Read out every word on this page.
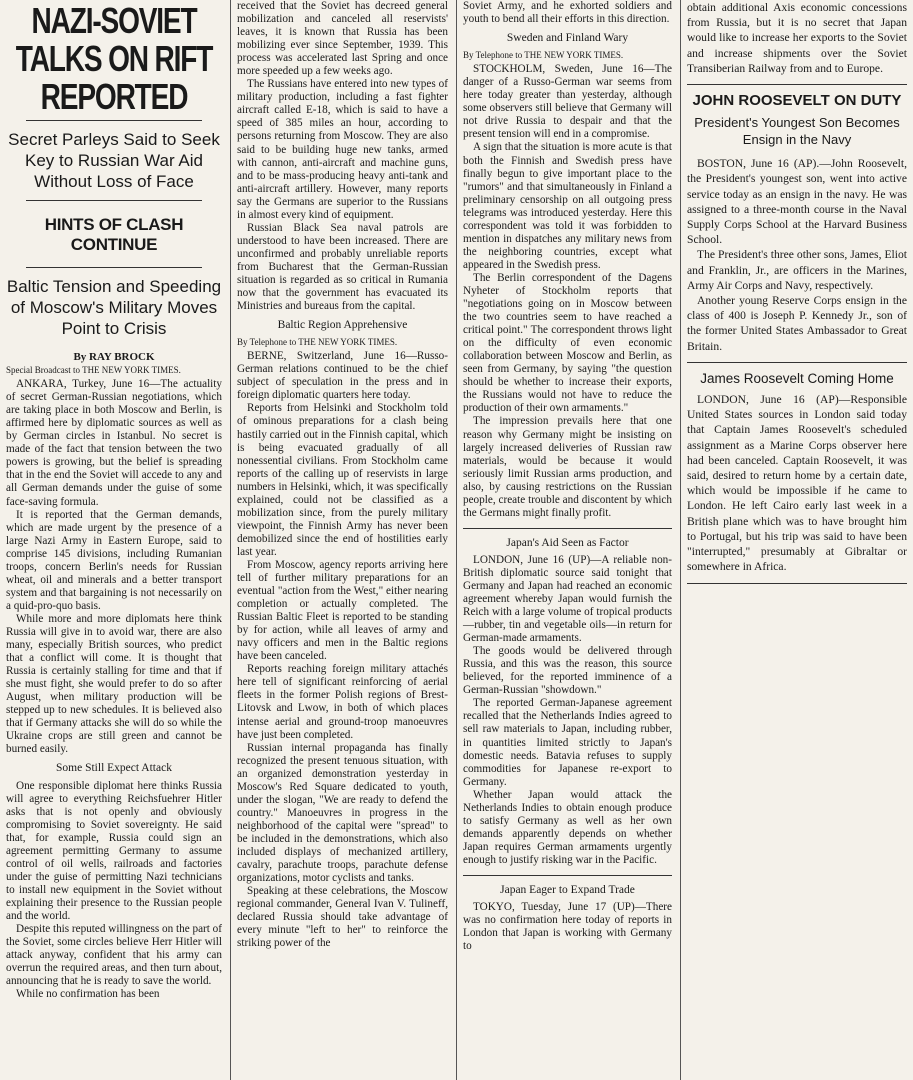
NAZI-SOVIET TALKS ON RIFT REPORTED
Secret Parleys Said to Seek Key to Russian War Aid Without Loss of Face
HINTS OF CLASH CONTINUE
Baltic Tension and Speeding of Moscow's Military Moves Point to Crisis
By RAY BROCK

Special Broadcast to THE NEW YORK TIMES.

ANKARA, Turkey, June 16—The actuality of secret German-Russian negotiations, which are taking place in both Moscow and Berlin, is affirmed here by diplomatic sources as well as by German circles in Istanbul. No secret is made of the fact that tension between the two powers is growing, but the belief is spreading that in the end the Soviet will accede to any and all German demands under the guise of some face-saving formula.

It is reported that the German demands, which are made urgent by the presence of a large Nazi Army in Eastern Europe, said to comprise 145 divisions, including Rumanian troops, concern Berlin's needs for Russian wheat, oil and minerals and a better transport system and that bargaining is not necessarily on a quid-pro-quo basis.

While more and more diplomats here think Russia will give in to avoid war, there are also many, especially British sources, who predict that a conflict will come. It is thought that Russia is certainly stalling for time and that if she must fight, she would prefer to do so after August, when military production will be stepped up to new schedules. It is believed also that if Germany attacks she will do so while the Ukraine crops are still green and cannot be burned easily.

Some Still Expect Attack

One responsible diplomat here thinks Russia will agree to everything Reichsfuehrer Hitler asks that is not openly and obviously compromising to Soviet sovereignty. He said that, for example, Russia could sign an agreement permitting Germany to assume control of oil wells, railroads and factories under the guise of permitting Nazi technicians to install new equipment in the Soviet without explaining their presence to the Russian people and the world.

Despite this reputed willingness on the part of the Soviet, some circles believe Herr Hitler will attack anyway, confident that his army can overrun the required areas, and then turn about, announcing that he is ready to save the world.

While no confirmation has been

received that the Soviet has decreed general mobilization and canceled all reservists' leaves, it is known that Russia has been mobilizing ever since September, 1939. This process was accelerated last Spring and once more speeded up a few weeks ago.

The Russians have entered into new types of military production, including a fast fighter aircraft called E-18, which is said to have a speed of 385 miles an hour, according to persons returning from Moscow. They are also said to be building huge new tanks, armed with cannon, anti-aircraft and machine guns, and to be mass-producing heavy anti-tank and anti-aircraft artillery. However, many reports say the Germans are superior to the Russians in almost every kind of equipment.

Russian Black Sea naval patrols are understood to have been increased. There are unconfirmed and probably unreliable reports from Bucharest that the German-Russian situation is regarded as so critical in Rumania now that the government has evacuated its Ministries and bureaus from the capital.

Baltic Region Apprehensive

By Telephone to THE NEW YORK TIMES.

BERNE, Switzerland, June 16—Russo-German relations continued to be the chief subject of speculation in the press and in foreign diplomatic quarters here today.

Reports from Helsinki and Stockholm told of ominous preparations for a clash being hastily carried out in the Finnish capital, which is being evacuated gradually of all nonessential civilians. From Stockholm came reports of the calling up of reservists in large numbers in Helsinki, which, it was specifically explained, could not be classified as a mobilization since, from the purely military viewpoint, the Finnish Army has never been demobilized since the end of hostilities early last year.

From Moscow, agency reports arriving here tell of further military preparations for an eventual "action from the West," either nearing completion or actually completed. The Russian Baltic Fleet is reported to be standing by for action, while all leaves of army and navy officers and men in the Baltic regions have been canceled.

Reports reaching foreign military attachés here tell of significant reinforcing of aerial fleets in the former Polish regions of Brest-Litovsk and Lwow, in both of which places intense aerial and ground-troop manoeuvres have just been completed.

Russian internal propaganda has finally recognized the present tenuous situation, with an organized demonstration yesterday in Moscow's Red Square dedicated to youth, under the slogan, "We are ready to defend the country." Manoeuvres in progress in the neighborhood of the capital were "spread" to be included in the demonstrations, which also included displays of mechanized artillery, cavalry, parachute troops, parachute defense organizations, motor cyclists and tanks.

Speaking at these celebrations, the Moscow regional commander, General Ivan V. Tulineff, declared Russia should take advantage of every minute "left to her" to reinforce the striking power of the

Soviet Army, and he exhorted soldiers and youth to bend all their efforts in this direction.

Sweden and Finland Wary

By Telephone to THE NEW YORK TIMES.

STOCKHOLM, Sweden, June 16—The danger of a Russo-German war seems from here today greater than yesterday, although some observers still believe that Germany will not drive Russia to despair and that the present tension will end in a compromise.

A sign that the situation is more acute is that both the Finnish and Swedish press have finally begun to give important place to the "rumors" and that simultaneously in Finland a preliminary censorship on all outgoing press telegrams was introduced yesterday. Here this correspondent was told it was forbidden to mention in dispatches any military news from the neighboring countries, except what appeared in the Swedish press.

The Berlin correspondent of the Dagens Nyheter of Stockholm reports that "negotiations going on in Moscow between the two countries seem to have reached a critical point." The correspondent throws light on the difficulty of even economic collaboration between Moscow and Berlin, as seen from Germany, by saying "the question should be whether to increase their exports, the Russians would not have to reduce the production of their own armaments."

The impression prevails here that one reason why Germany might be insisting on largely increased deliveries of Russian raw materials, would be because it would seriously limit Russian arms production, and also, by causing restrictions on the Russian people, create trouble and discontent by which the Germans might finally profit.

Japan's Aid Seen as Factor

LONDON, June 16 (UP)—A reliable non-British diplomatic source said tonight that Germany and Japan had reached an economic agreement whereby Japan would furnish the Reich with a large volume of tropical products—rubber, tin and vegetable oils—in return for German-made armaments.

The goods would be delivered through Russia, and this was the reason, this source believed, for the reported imminence of a German-Russian "showdown."

The reported German-Japanese agreement recalled that the Netherlands Indies agreed to sell raw materials to Japan, including rubber, in quantities limited strictly to Japan's domestic needs. Batavia refuses to supply commodities for Japanese re-export to Germany.

Whether Japan would attack the Netherlands Indies to obtain enough produce to satisfy Germany as well as her own demands apparently depends on whether Japan requires German armaments urgently enough to justify risking war in the Pacific.

Japan Eager to Expand Trade

TOKYO, Tuesday, June 17 (UP)—There was no confirmation here today of reports in London that Japan is working with Germany to

obtain additional Axis economic concessions from Russia, but it is no secret that Japan would like to increase her exports to the Soviet and increase shipments over the Soviet Transiberian Railway from and to Europe.

JOHN ROOSEVELT ON DUTY
President's Youngest Son Becomes Ensign in the Navy

BOSTON, June 16 (AP).—John Roosevelt, the President's youngest son, went into active service today as an ensign in the navy. He was assigned to a three-month course in the Naval Supply Corps School at the Harvard Business School.

The President's three other sons, James, Eliot and Franklin, Jr., are officers in the Marines, Army Air Corps and Navy, respectively.

Another young Reserve Corps ensign in the class of 400 is Joseph P. Kennedy Jr., son of the former United States Ambassador to Great Britain.

James Roosevelt Coming Home

LONDON, June 16 (AP)—Responsible United States sources in London said today that Captain James Roosevelt's scheduled assignment as a Marine Corps observer here had been canceled. Captain Roosevelt, it was said, desired to return home by a certain date, which would be impossible if he came to London. He left Cairo early last week in a British plane which was to have brought him to Portugal, but his trip was said to have been "interrupted," presumably at Gibraltar or somewhere in Africa.
